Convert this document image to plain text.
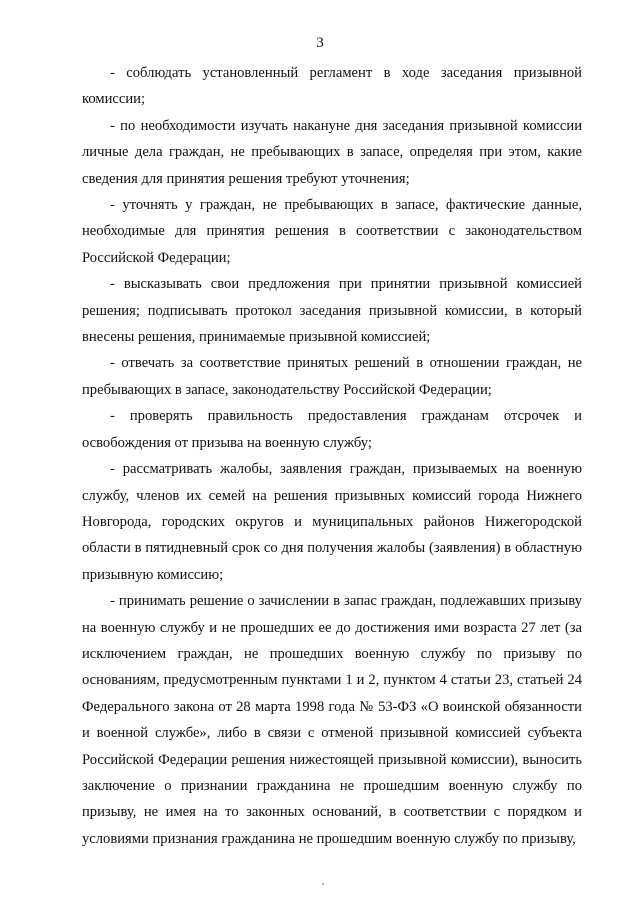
3

- соблюдать установленный регламент в ходе заседания призывной комиссии;

- по необходимости изучать накануне дня заседания призывной комиссии личные дела граждан, не пребывающих в запасе, определяя при этом, какие сведения для принятия решения требуют уточнения;

- уточнять у граждан, не пребывающих в запасе, фактические данные, необходимые для принятия решения в соответствии с законодательством Российской Федерации;

- высказывать свои предложения при принятии призывной комиссией решения; подписывать протокол заседания призывной комиссии, в который внесены решения, принимаемые призывной комиссией;

- отвечать за соответствие принятых решений в отношении граждан, не пребывающих в запасе, законодательству Российской Федерации;

- проверять правильность предоставления гражданам отсрочек и освобождения от призыва на военную службу;

- рассматривать жалобы, заявления граждан, призываемых на военную службу, членов их семей на решения призывных комиссий города Нижнего Новгорода, городских округов и муниципальных районов Нижегородской области в пятидневный срок со дня получения жалобы (заявления) в областную призывную комиссию;

- принимать решение о зачислении в запас граждан, подлежавших призыву на военную службу и не прошедших ее до достижения ими возраста 27 лет (за исключением граждан, не прошедших военную службу по призыву по основаниям, предусмотренным пунктами 1 и 2, пунктом 4 статьи 23, статьей 24 Федерального закона от 28 марта 1998 года № 53-ФЗ «О воинской обязанности и военной службе», либо в связи с отменой призывной комиссией субъекта Российской Федерации решения нижестоящей призывной комиссии), выносить заключение о признании гражданина не прошедшим военную службу по призыву, не имея на то законных оснований, в соответствии с порядком и условиями признания гражданина не прошедшим военную службу по призыву,
